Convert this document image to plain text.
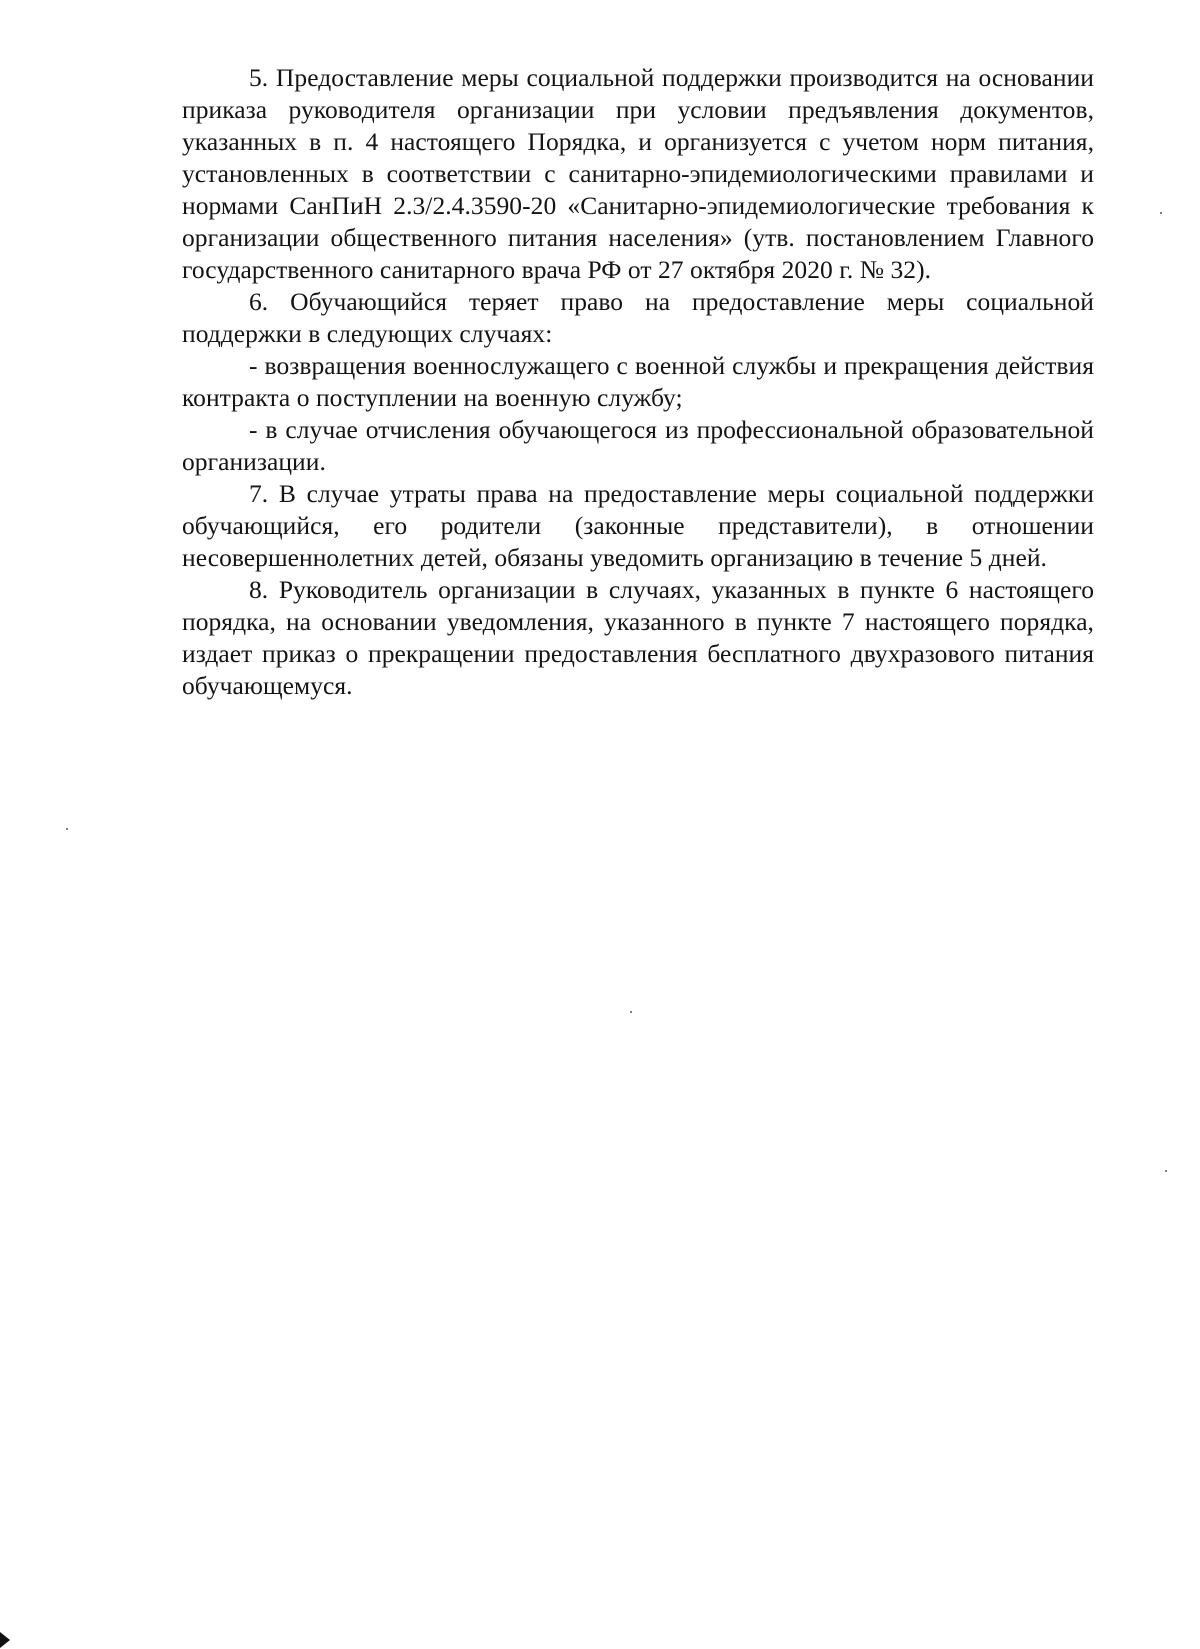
5. Предоставление меры социальной поддержки производится на основании приказа руководителя организации при условии предъявления документов, указанных в п. 4 настоящего Порядка, и организуется с учетом норм питания, установленных в соответствии с санитарно-эпидемиологическими правилами и нормами СанПиН 2.3/2.4.3590-20 «Санитарно-эпидемиологические требования к организации общественного питания населения» (утв. постановлением Главного государственного санитарного врача РФ от 27 октября 2020 г. № 32).

6. Обучающийся теряет право на предоставление меры социальной поддержки в следующих случаях:

- возвращения военнослужащего с военной службы и прекращения действия контракта о поступлении на военную службу;

- в случае отчисления обучающегося из профессиональной образовательной организации.

7. В случае утраты права на предоставление меры социальной поддержки обучающийся, его родители (законные представители), в отношении несовершеннолетних детей, обязаны уведомить организацию в течение 5 дней.

8. Руководитель организации в случаях, указанных в пункте 6 настоящего порядка, на основании уведомления, указанного в пункте 7 настоящего порядка, издает приказ о прекращении предоставления бесплатного двухразового питания обучающемуся.
